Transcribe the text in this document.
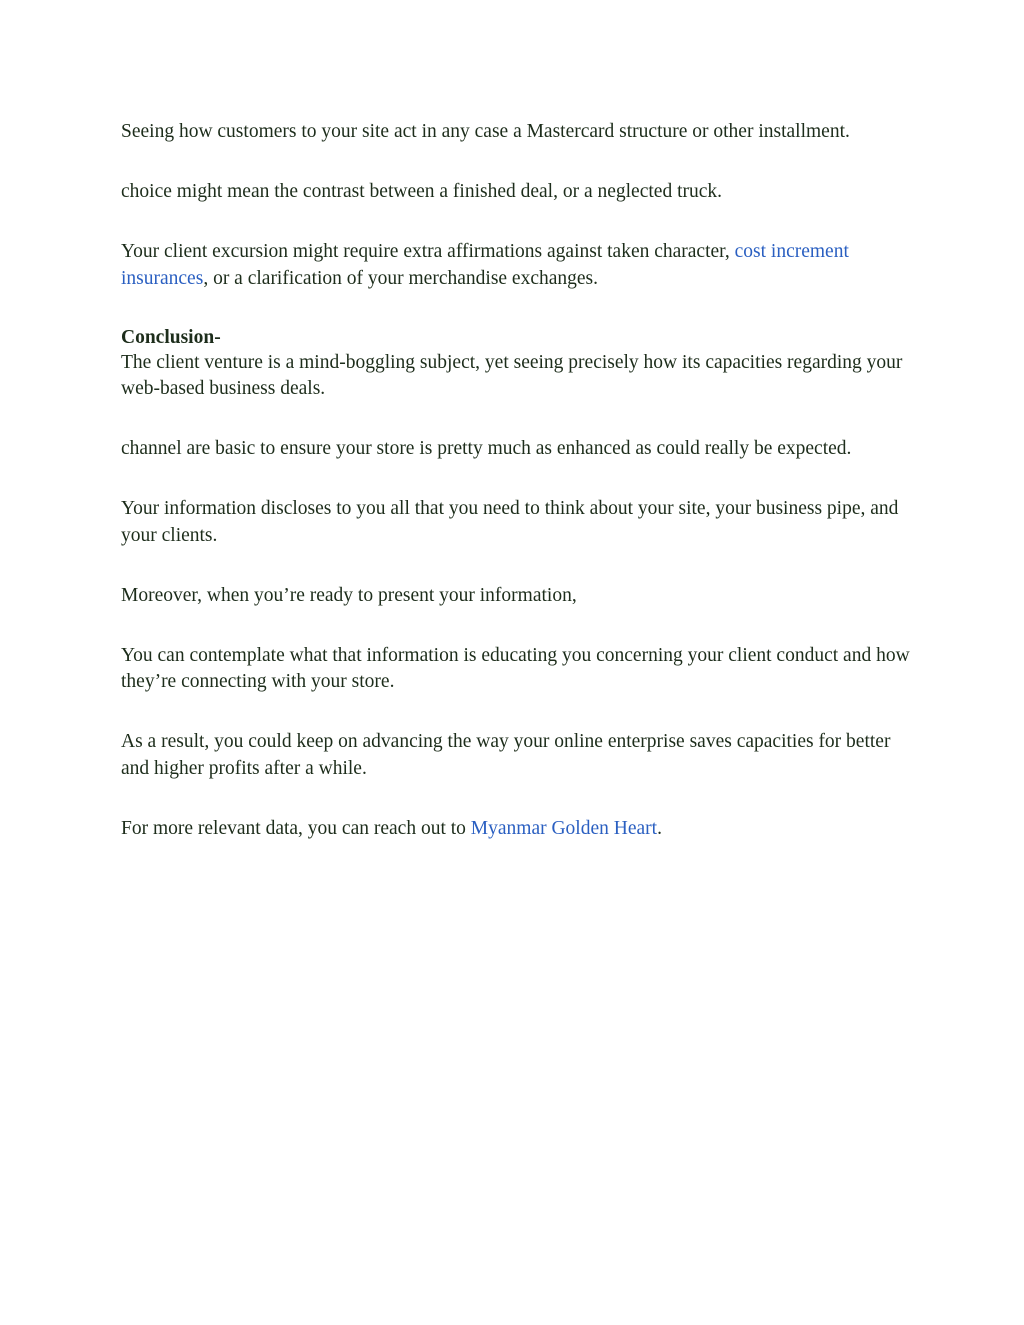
Seeing how customers to your site act in any case a Mastercard structure or other installment.

choice might mean the contrast between a finished deal, or a neglected truck.

Your client excursion might require extra affirmations against taken character, cost increment insurances, or a clarification of your merchandise exchanges.

Conclusion-
The client venture is a mind-boggling subject, yet seeing precisely how its capacities regarding your web-based business deals.

channel are basic to ensure your store is pretty much as enhanced as could really be expected.

Your information discloses to you all that you need to think about your site, your business pipe, and your clients.

Moreover, when you’re ready to present your information,

You can contemplate what that information is educating you concerning your client conduct and how they’re connecting with your store.

As a result, you could keep on advancing the way your online enterprise saves capacities for better and higher profits after a while.

For more relevant data, you can reach out to Myanmar Golden Heart.
